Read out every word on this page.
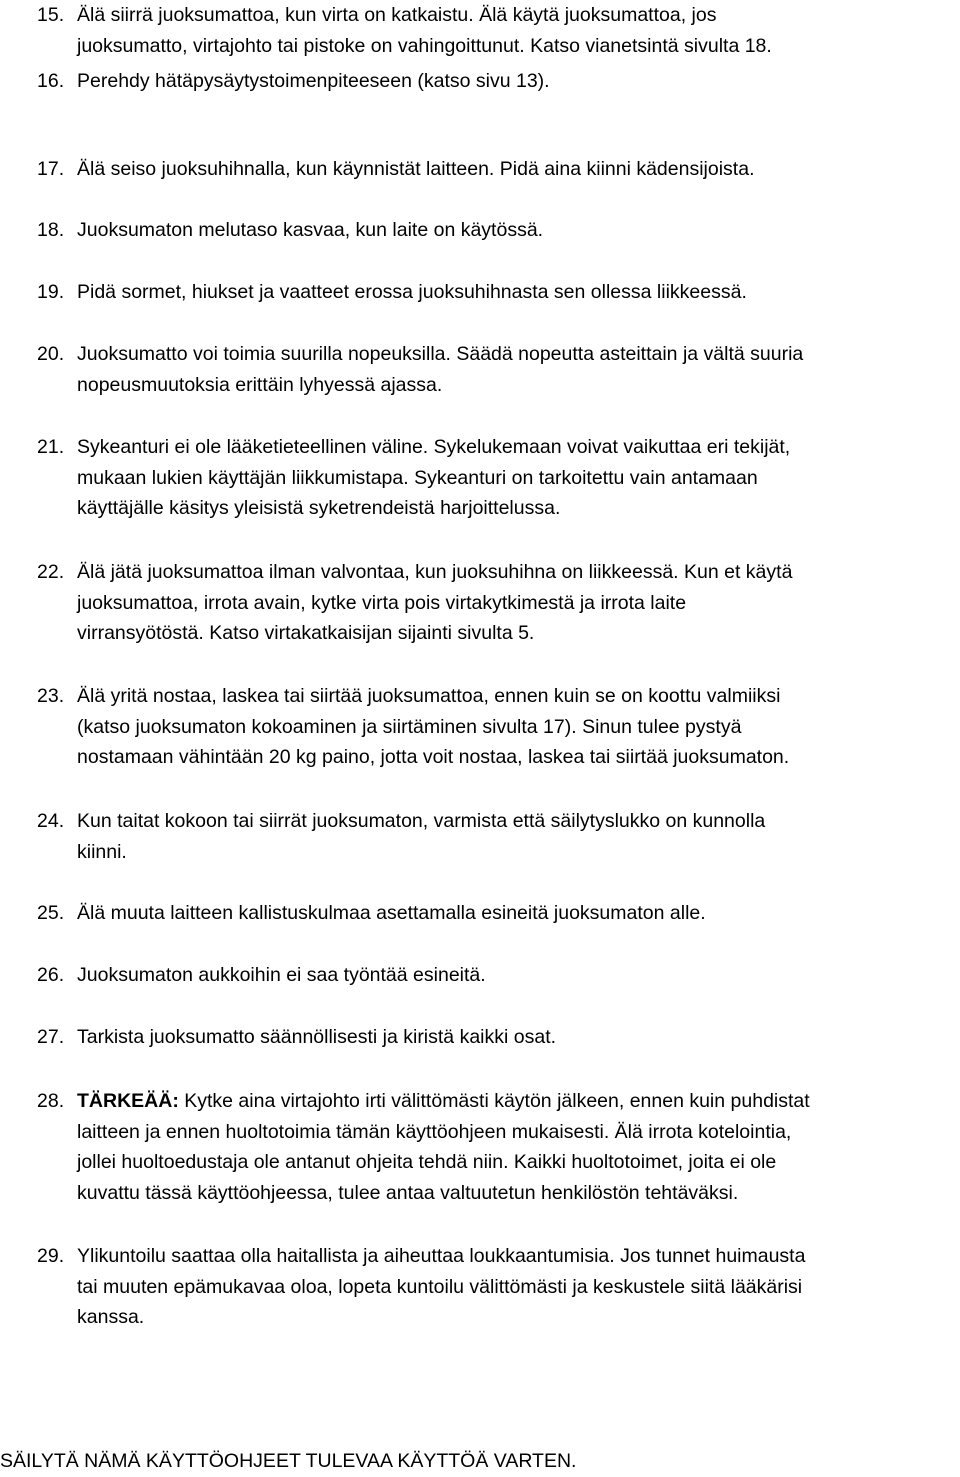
15. Älä siirrä juoksumattoa, kun virta on katkaistu. Älä käytä juoksumattoa, jos
juoksumatto, virtajohto tai pistoke on vahingoittunut. Katso vianetsintä sivulta 18.
16. Perehdy hätäpysäytystoimenpiteeseen (katso sivu 13).
17. Älä seiso juoksuhihnalla, kun käynnistät laitteen. Pidä aina kiinni kädensijoista.
18. Juoksumaton melutaso kasvaa, kun laite on käytössä.
19. Pidä sormet, hiukset ja vaatteet erossa juoksuhihnasta sen ollessa liikkeessä.
20. Juoksumatto voi toimia suurilla nopeuksilla. Säädä nopeutta asteittain ja vältä suuria
nopeusmuutoksia erittäin lyhyessä ajassa.
21. Sykeanturi ei ole lääketieteellinen väline. Sykelukemaan voivat vaikuttaa eri tekijät,
mukaan lukien käyttäjän liikkumistapa. Sykeanturi on tarkoitettu vain antamaan
käyttäjälle käsitys yleisistä syketrendeistä harjoittelussa.
22. Älä jätä juoksumattoa ilman valvontaa, kun juoksuhihna on liikkeessä. Kun et käytä
juoksumattoa, irrota avain, kytke virta pois virtakytkimestä ja irrota laite
virransyötöstä. Katso virtakatkaisijan sijainti sivulta 5.
23. Älä yritä nostaa, laskea tai siirtää juoksumattoa, ennen kuin se on koottu valmiiksi
(katso juoksumaton kokoaminen ja siirtäminen sivulta 17). Sinun tulee pystyä
nostamaan vähintään 20 kg paino, jotta voit nostaa, laskea tai siirtää juoksumaton.
24. Kun taitat kokoon tai siirrät juoksumaton, varmista että säilytyslukko on kunnolla
kiinni.
25. Älä muuta laitteen kallistuskulmaa asettamalla esineitä juoksumaton alle.
26. Juoksumaton aukkoihin ei saa työntää esineitä.
27. Tarkista juoksumatto säännöllisesti ja kiristä kaikki osat.
28. TÄRKEÄÄ: Kytke aina virtajohto irti välittömästi käytön jälkeen, ennen kuin puhdistat
laitteen ja ennen huoltotoimia tämän käyttöohjeen mukaisesti. Älä irrota kotelointia,
jollei huoltoedustaja ole antanut ohjeita tehdä niin. Kaikki huoltotoimet, joita ei ole
kuvattu tässä käyttöohjeessa, tulee antaa valtuutetun henkilöstön tehtäväksi.
29. Ylikuntoilu saattaa olla haitallista ja aiheuttaa loukkaantumisia. Jos tunnet huimausta
tai muuten epämukavaa oloa, lopeta kuntoilu välittömästi ja keskustele siitä lääkärisi
kanssa.
SÄILYTÄ NÄMÄ KÄYTTÖOHJEET TULEVAA KÄYTTÖÄ VARTEN.
